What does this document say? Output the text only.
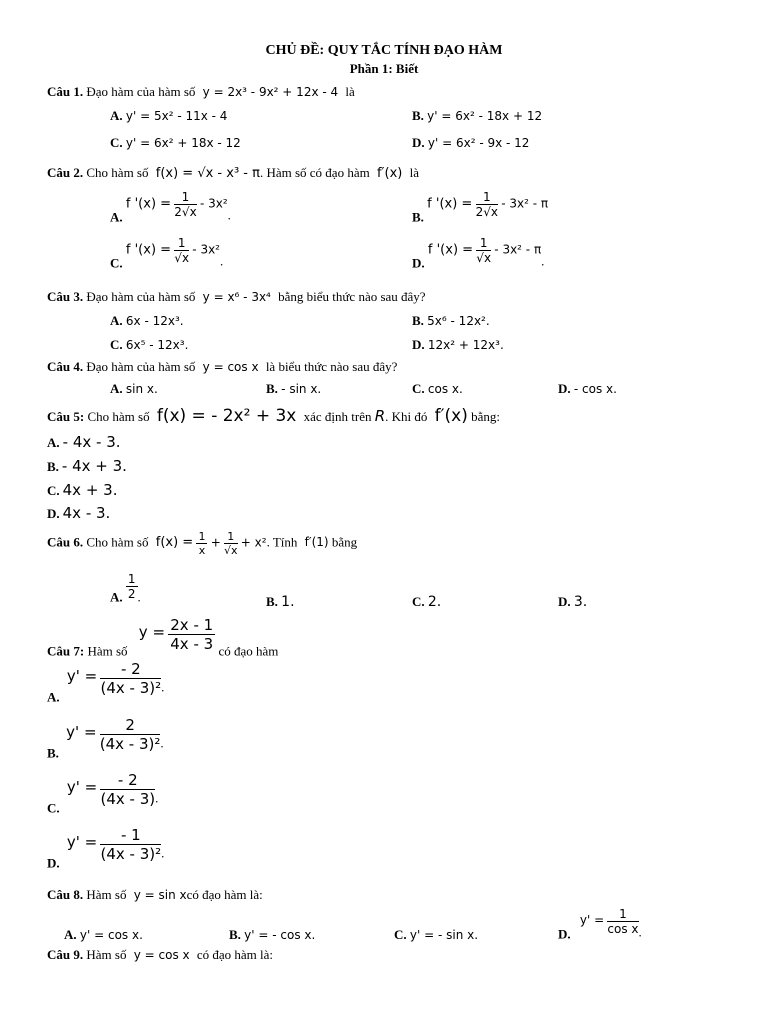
CHỦ ĐỀ: QUY TẮC TÍNH ĐẠO HÀM
Phần 1: Biết
Câu 1. Đạo hàm của hàm số y = 2x³ - 9x² + 12x - 4 là
A. y' = 5x² - 11x - 4	B. y' = 6x² - 18x + 12
C. y' = 6x² + 18x - 12	D. y' = 6x² - 9x - 12
Câu 2. Cho hàm số f(x) = √x - x³ - π. Hàm số có đạo hàm f′(x) là
A. f '$(x) = \frac{1}{2√x} - 3x^2$.	B. f '$(x) = \frac{1}{2√x} - 3x^2 - \pi$
C. f '$(x) = \frac{1}{√x} - 3x^2$.	D. f '$(x) = \frac{1}{√x} - 3x^2 - \pi$.
Câu 3. Đạo hàm của hàm số y = x⁶ - 3x⁴ bằng biểu thức nào sau đây?
A. 6x - 12x³.	B. 5x⁶ - 12x².
C. 6x⁵ - 12x³.	D. 12x² + 12x³.
Câu 4. Đạo hàm của hàm số y = cos x là biểu thức nào sau đây?
A. sin x.	B. - sin x.	C. cos x.	D. - cos x.
Câu 5: Cho hàm số f(x) = - 2x² + 3x xác định trên R. Khi đó f′(x) bằng:
A. - 4x - 3.
B. - 4x + 3.
C. 4x + 3.
D. 4x - 3.
Câu 6. Cho hàm số $f(x) = \frac{1}{x} + \frac{1}{√x} + x^2$. Tính f′(1) bằng
A. $\frac{1}{2}$ .	B. 1.	C. 2.	D. 3.
Câu 7: Hàm số $y = \frac{2x - 1}{4x - 3}$ có đạo hàm
A. $y' = \frac{- 2}{\text{(4x - 3)²}}$ .
B. $y' = \frac{2}{\text{(4x - 3)²}}$ .
C. $y' = \frac{- 2}{(4x - 3)}$ .
D. $y' = \frac{- 1}{\text{(4x - 3)²}}$ .
Câu 8. Hàm số y = sin xcó đạo hàm là:
A. y' = cos x.	B. y' = - cos x.	C. y' = - sin x.	D. $y' = \frac{1}{\text{cos x}}$ .
Câu 9. Hàm số y = cos x có đạo hàm là:
